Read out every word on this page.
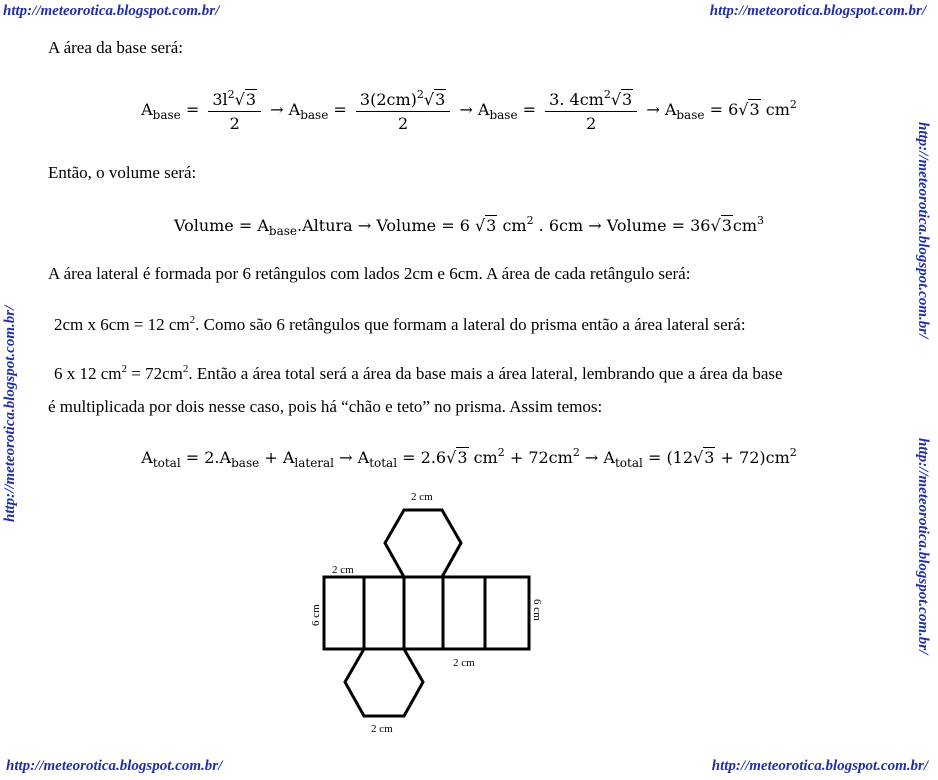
http://meteorotica.blogspot.com.br/	http://meteorotica.blogspot.com.br/
http://meteorotica.blogspot.com.br/	http://meteorotica.blogspot.com.br/
http://meteorotica.blogspot.com.br/
http://meteorotica.blogspot.com.br/
http://meteorotica.blogspot.com.br/
A área da base será:
$A_{base} = \frac{3l^2√3}{2} \to A_{base} = \frac{3(2cm)^2√3}{2} \to A_{base} = \frac{3. 4cm^2√3}{2} \to A_{base} = 6√3$ $cm^2$
Então, o volume será:
Volume = $A_{base}.Altura$ → Volume = 6 √3 $cm^2$ . 6cm → Volume = $36√3cm^3$
A área lateral é formada por 6 retângulos com lados 2cm e 6cm. A área de cada retângulo será:
2cm x 6cm = 12 $cm^2$. Como são 6 retângulos que formam a lateral do prisma então a área lateral será:
6 x 12 $cm^2 = 72cm^2$. Então a área total será a área da base mais a área lateral, lembrando que a área da base
é multiplicada por dois nesse caso, pois há “chão e teto” no prisma. Assim temos:
$A_{total} = 2.A_{base} + A_{lateral} \to A_{total} = 2.6√3$ $cm^2 + 72cm^2 \to A_{total} = (12√3 + 72)cm^2$
2 cm
2 cm
6 cm	6 cm
2 cm
2 cm
